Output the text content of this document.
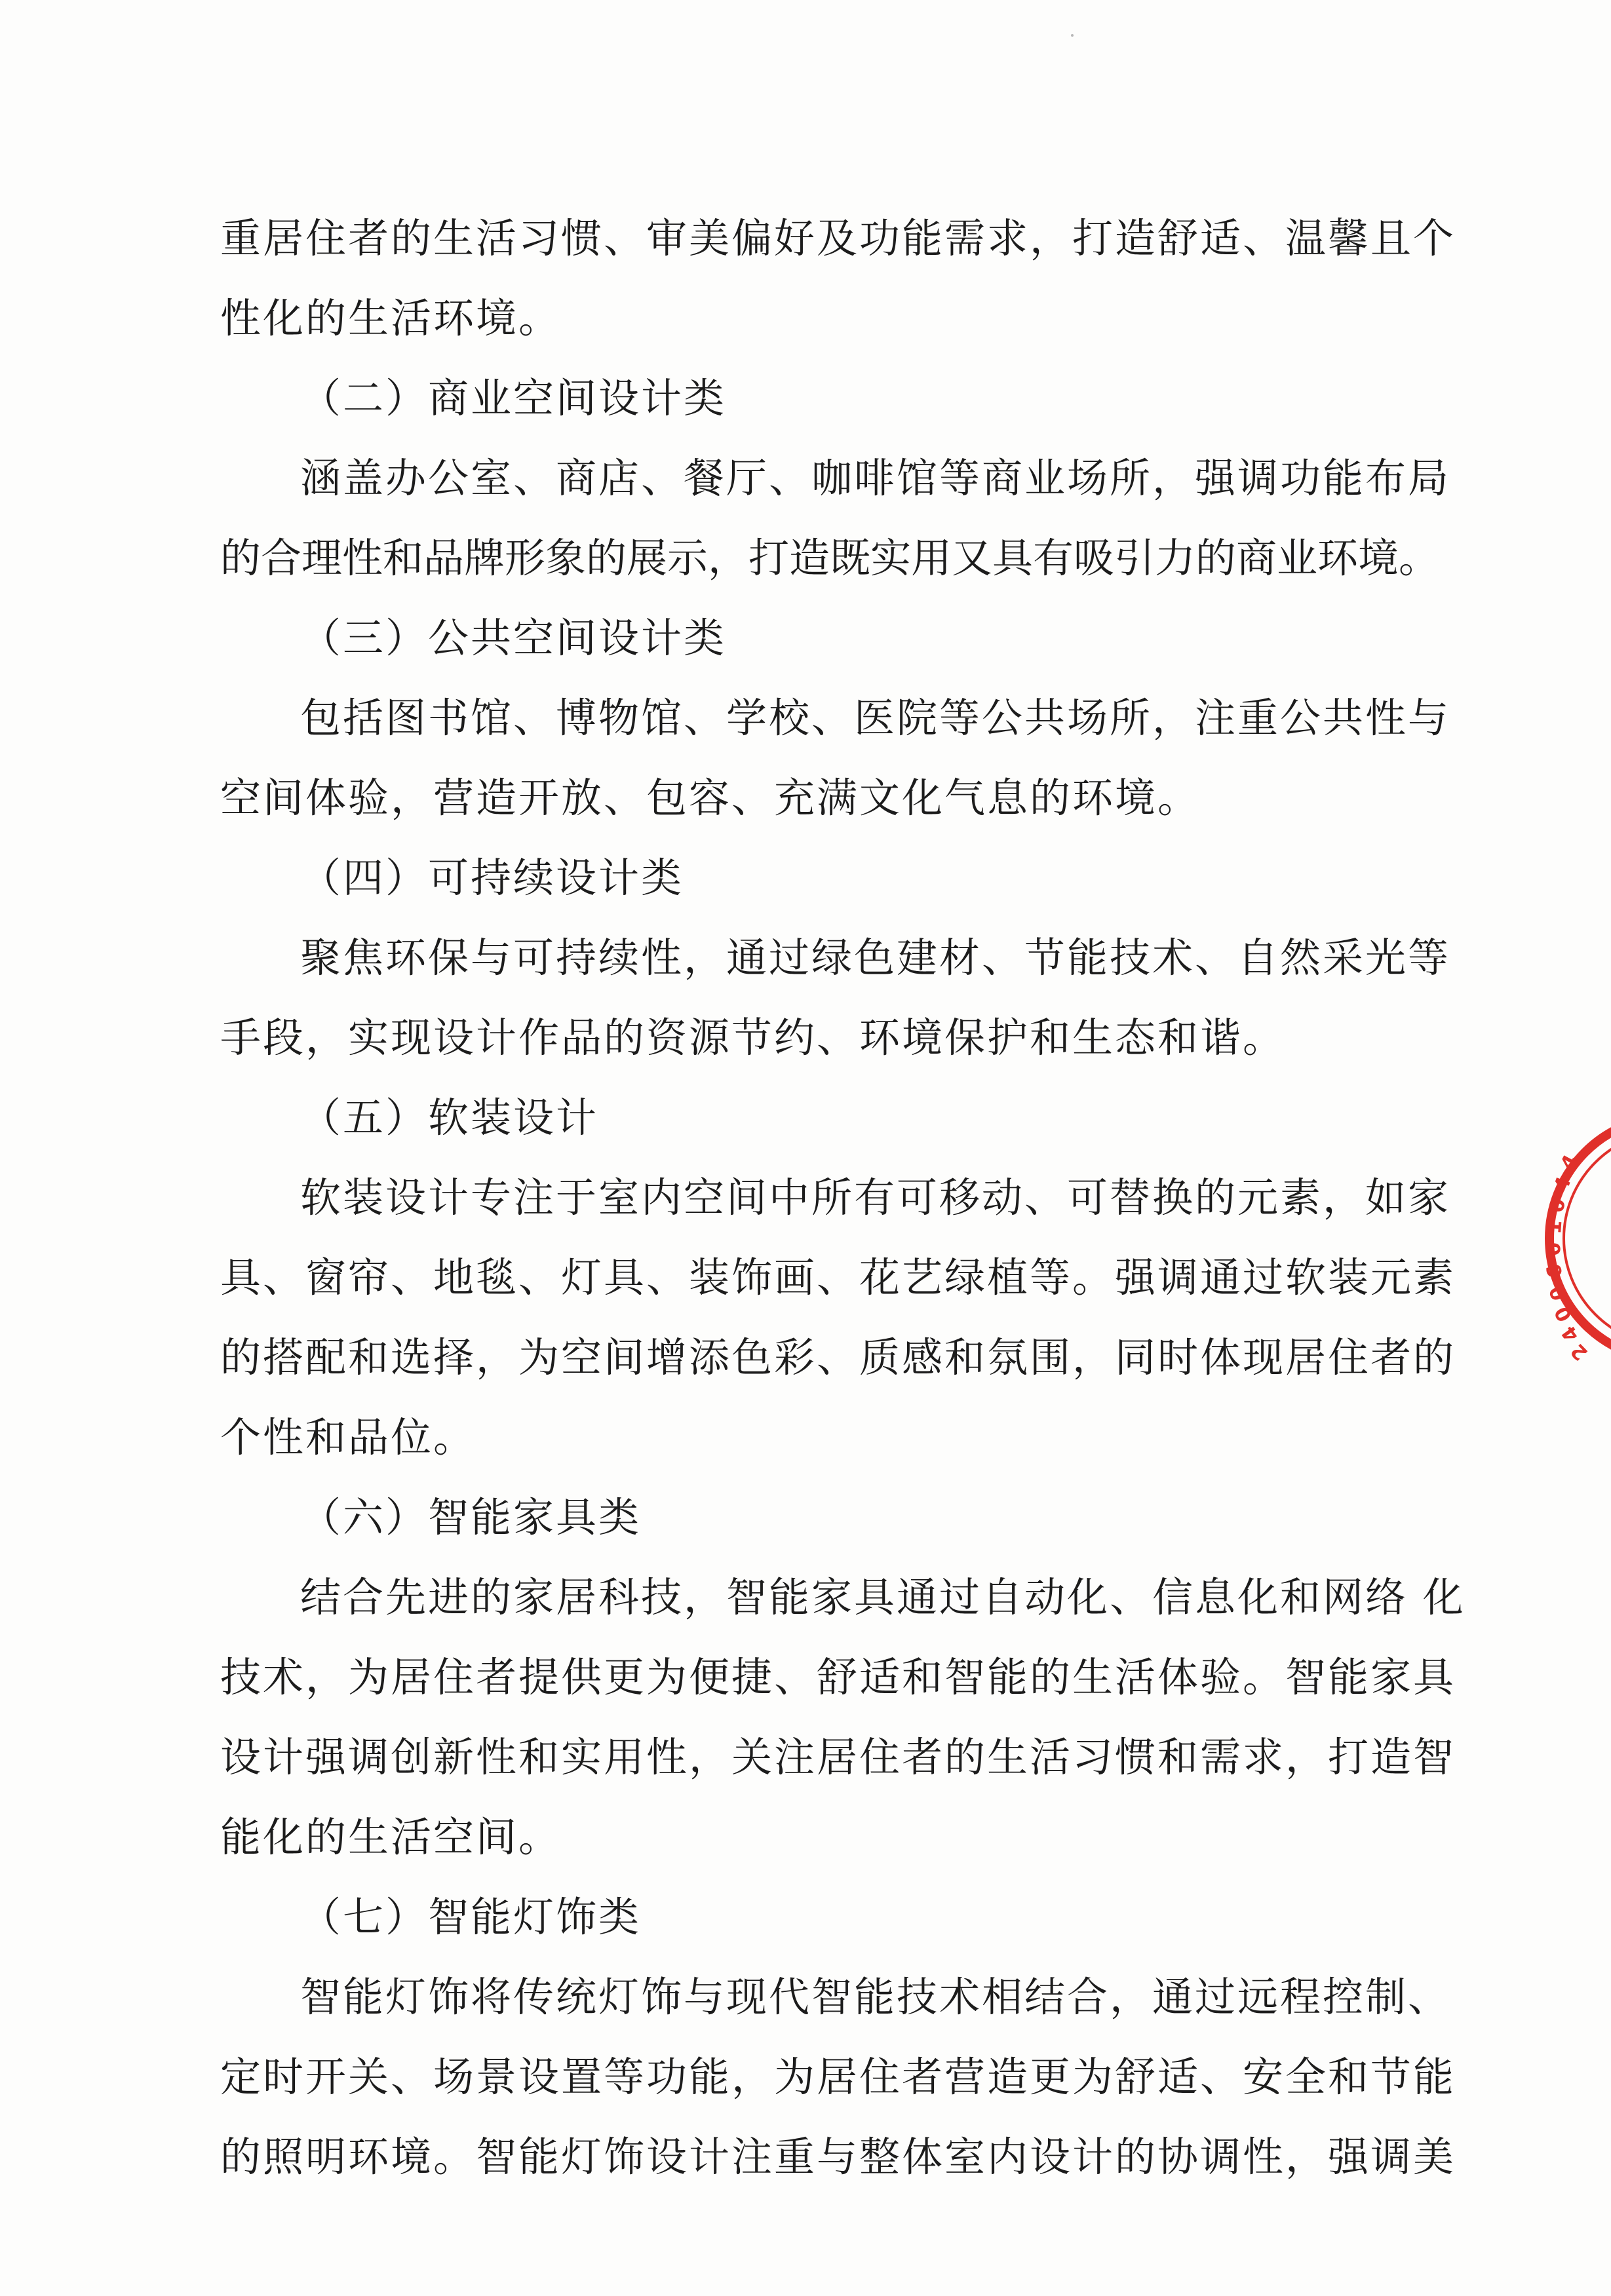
重居住者的生活习惯、审美偏好及功能需求，打造舒适、温馨且个
性化的生活环境。
（二）商业空间设计类
涵盖办公室、商店、餐厅、咖啡馆等商业场所，强调功能布局
的合理性和品牌形象的展示，打造既实用又具有吸引力的商业环境。
（三）公共空间设计类
包括图书馆、博物馆、学校、医院等公共场所，注重公共性与
空间体验，营造开放、包容、充满文化气息的环境。
（四）可持续设计类
聚焦环保与可持续性，通过绿色建材、节能技术、自然采光等
手段，实现设计作品的资源节约、环境保护和生态和谐。
（五）软装设计
软装设计专注于室内空间中所有可移动、可替换的元素，如家
具、窗帘、地毯、灯具、装饰画、花艺绿植等。强调通过软装元素
的搭配和选择，为空间增添色彩、质感和氛围，同时体现居住者的
个性和品位。
（六）智能家具类
结合先进的家居科技，智能家具通过自动化、信息化和网络 化
技术，为居住者提供更为便捷、舒适和智能的生活体验。智能家具
设计强调创新性和实用性，关注居住者的生活习惯和需求，打造智
能化的生活空间。
（七）智能灯饰类
智能灯饰将传统灯饰与现代智能技术相结合，通过远程控制、
定时开关、场景设置等功能，为居住者营造更为舒适、安全和节能
的照明环境。智能灯饰设计注重与整体室内设计的协调性，强调美
4
4
0
1
0
6
0
0
4
2
